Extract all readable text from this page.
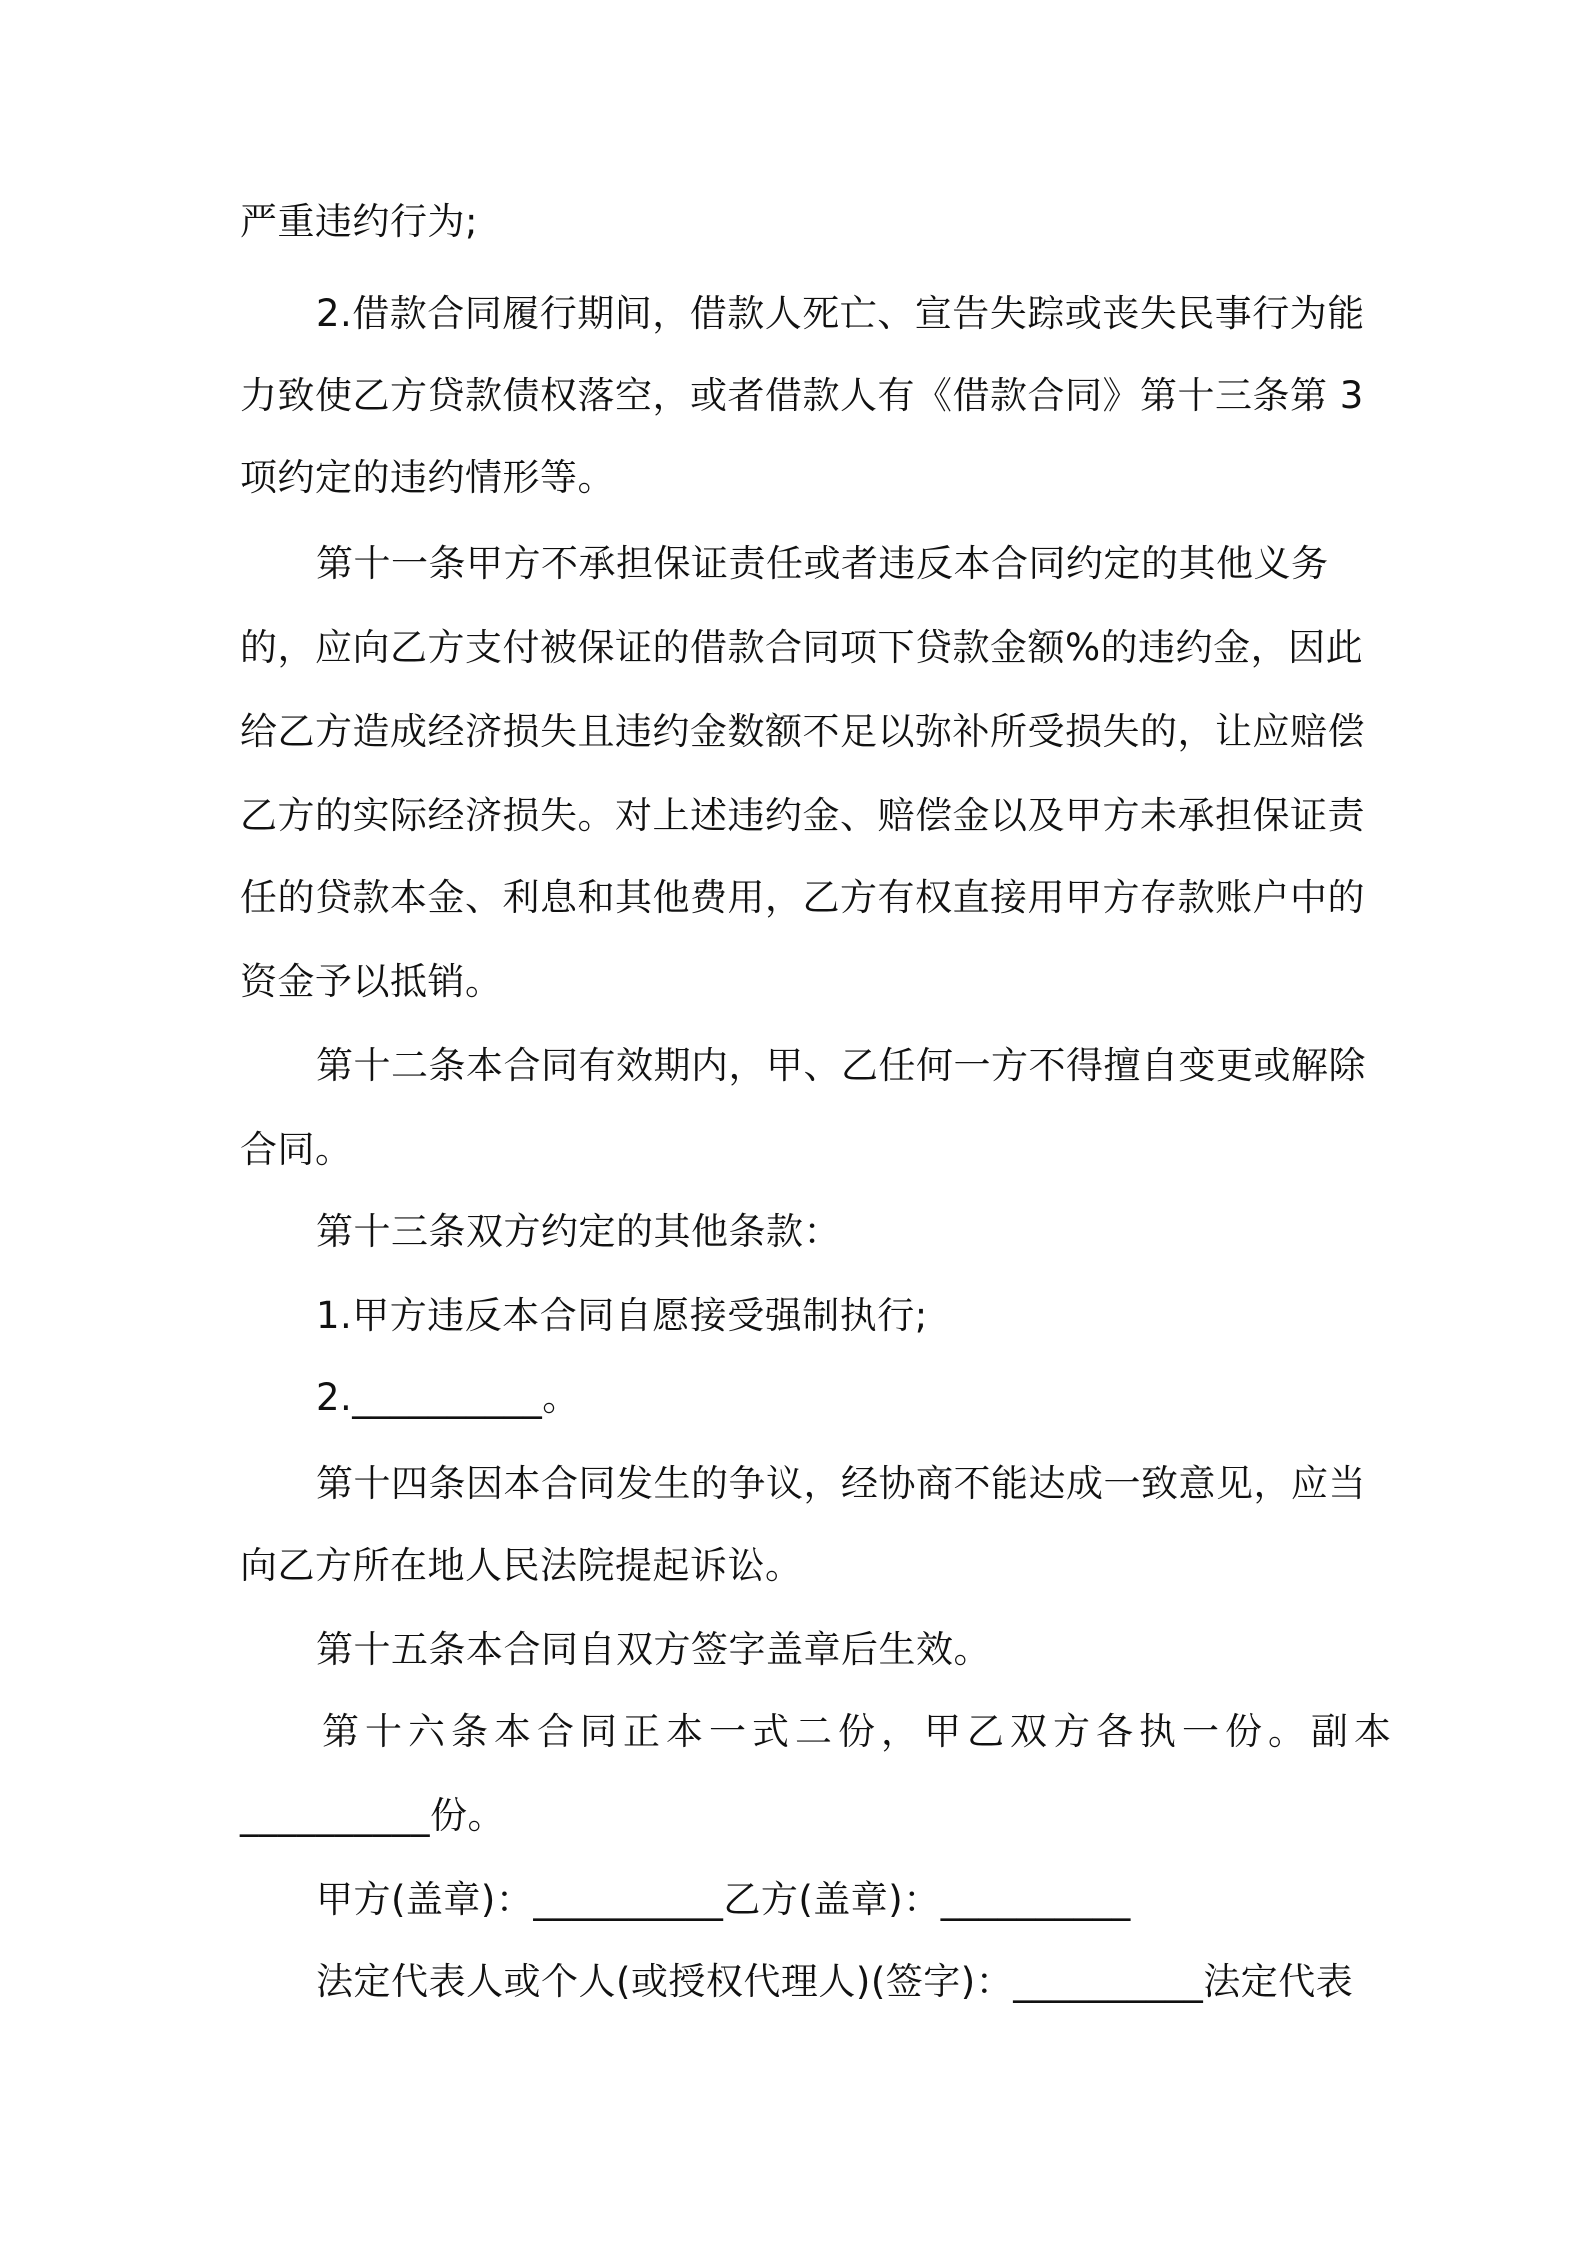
严重违约行为;

2.借款合同履行期间，借款人死亡、宣告失踪或丧失民事行为能

力致使乙方贷款债权落空，或者借款人有《借款合同》第十三条第 3

项约定的违约情形等。

第十一条甲方不承担保证责任或者违反本合同约定的其他义务

的，应向乙方支付被保证的借款合同项下贷款金额%的违约金，因此

给乙方造成经济损失且违约金数额不足以弥补所受损失的，让应赔偿

乙方的实际经济损失。对上述违约金、赔偿金以及甲方未承担保证责

任的贷款本金、利息和其他费用，乙方有权直接用甲方存款账户中的

资金予以抵销。

第十二条本合同有效期内，甲、乙任何一方不得擅自变更或解除

合同。

第十三条双方约定的其他条款：

1.甲方违反本合同自愿接受强制执行;

2.__________。

第十四条因本合同发生的争议，经协商不能达成一致意见，应当

向乙方所在地人民法院提起诉讼。

第十五条本合同自双方签字盖章后生效。

第十六条本合同正本一式二份，甲乙双方各执一份。副本

__________份。

甲方(盖章)：__________乙方(盖章)：__________

法定代表人或个人(或授权代理人)(签字)：__________法定代表
